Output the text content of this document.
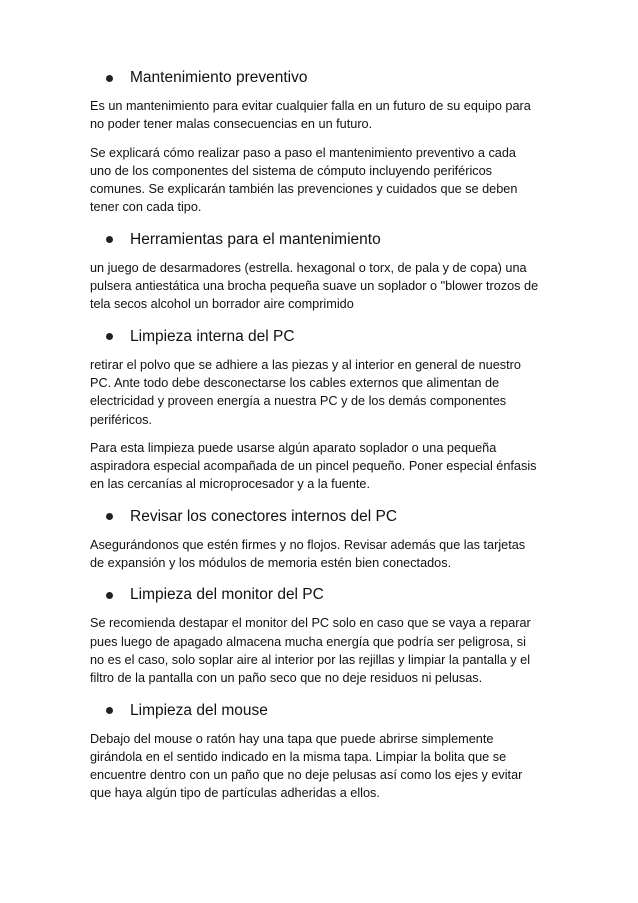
Mantenimiento preventivo
Es un mantenimiento para evitar cualquier falla en un futuro de su equipo para
no poder tener malas consecuencias en un futuro.
Se explicará cómo realizar paso a paso el mantenimiento preventivo a cada
uno de los componentes del sistema de cómputo incluyendo periféricos
comunes. Se explicarán también las prevenciones y cuidados que se deben
tener con cada tipo.
Herramientas para el mantenimiento
un juego de desarmadores (estrella. hexagonal o torx, de pala y de copa) una
pulsera antiestática una brocha pequeña suave un soplador o "blower trozos de
tela secos alcohol un borrador aire comprimido
Limpieza interna del PC
retirar el polvo que se adhiere a las piezas y al interior en general de nuestro
PC. Ante todo debe desconectarse los cables externos que alimentan de
electricidad y proveen energía a nuestra PC y de los demás componentes
periféricos.
Para esta limpieza puede usarse algún aparato soplador o una pequeña
aspiradora especial acompañada de un pincel pequeño. Poner especial énfasis
en las cercanías al microprocesador y a la fuente.
Revisar los conectores internos del PC
Asegurándonos que estén firmes y no flojos. Revisar además que las tarjetas
de expansión y los módulos de memoria estén bien conectados.
Limpieza del monitor del PC
Se recomienda destapar el monitor del PC solo en caso que se vaya a reparar
pues luego de apagado almacena mucha energía que podría ser peligrosa, si
no es el caso, solo soplar aire al interior por las rejillas y limpiar la pantalla y el
filtro de la pantalla con un paño seco que no deje residuos ni pelusas.
Limpieza del mouse
Debajo del mouse o ratón hay una tapa que puede abrirse simplemente
girándola en el sentido indicado en la misma tapa. Limpiar la bolita que se
encuentre dentro con un paño que no deje pelusas así como los ejes y evitar
que haya algún tipo de partículas adheridas a ellos.
